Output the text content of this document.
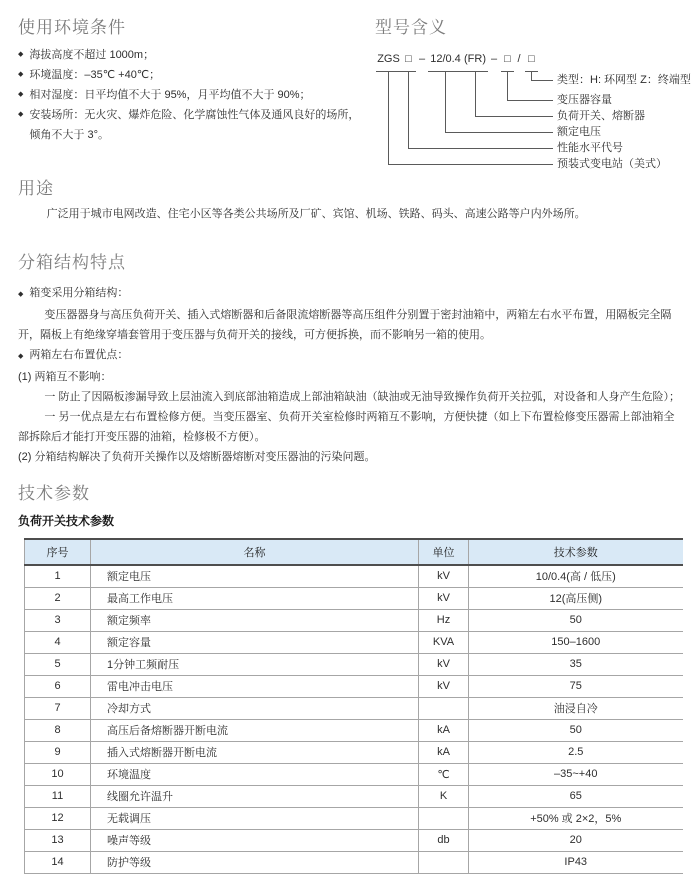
使用环境条件
◆ 海拔高度不超过 1000m；
◆ 环境温度：–35℃ +40℃；
◆ 相对湿度：日平均值不大于 95%，月平均值不大于 90%；
◆ 安装场所：无火灾、爆炸危险、化学腐蚀性气体及通风良好的场所，倾角不大于 3°。
型号含义
ZGS □ – 12/0.4 (FR) – □ / □
类型：H: 环网型 Z：终端型
变压器容量
负荷开关、熔断器
额定电压
性能水平代号
预装式变电站（美式）
用途
广泛用于城市电网改造、住宅小区等各类公共场所及厂矿、宾馆、机场、铁路、码头、高速公路等户内外场所。
分箱结构特点
◆ 箱变采用分箱结构：
变压器器身与高压负荷开关、插入式熔断器和后备限流熔断器等高压组件分别置于密封油箱中，两箱左右水平布置，用隔板完全隔开，隔板上有绝缘穿墙套管用于变压器与负荷开关的接线，可方便拆换，而不影响另一箱的使用。
◆ 两箱左右布置优点：
(1) 两箱互不影响：
一 防止了因隔板渗漏导致上层油流入到底部油箱造成上部油箱缺油（缺油或无油导致操作负荷开关拉弧，对设备和人身产生危险）；
一 另一优点是左右布置检修方便。当变压器室、负荷开关室检修时两箱互不影响，方便快捷（如上下布置检修变压器需上部油箱全部拆除后才能打开变压器的油箱，检修极不方便）。
(2) 分箱结构解决了负荷开关操作以及熔断器熔断对变压器油的污染问题。
技术参数
负荷开关技术参数
序号	名称	单位	技术参数
1	额定电压	kV	10/0.4(高 / 低压)
2	最高工作电压	kV	12(高压侧)
3	额定频率	Hz	50
4	额定容量	KVA	150–1600
5	1分钟工频耐压	kV	35
6	雷电冲击电压	kV	75
7	冷却方式		油浸自冷
8	高压后备熔断器开断电流	kA	50
9	插入式熔断器开断电流	kA	2.5
10	环境温度	℃	–35~+40
11	线圈允许温升	K	65
12	无载调压		+50% 或 2×2，5%
13	噪声等级	db	20
14	防护等级		IP43
